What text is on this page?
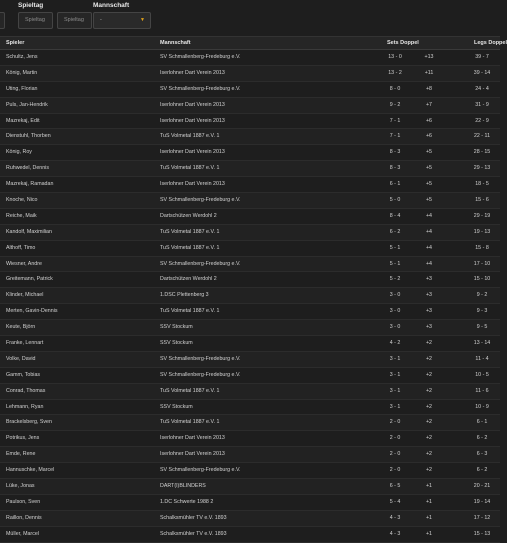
Spieltag
Spieltag	Spieltag
Mannschaft
-	▼
Spieler	Mannschaft	Sets Doppel	Legs Doppel
Schultz, Jens	SV Schmallenberg-Fredeburg e.V.	13 - 0	+13	39 - 7
König, Martin	Iserlohner Dart Verein 2013	13 - 2	+11	39 - 14
Uting, Florian	SV Schmallenberg-Fredeburg e.V.	8 - 0	+8	24 - 4
Puls, Jan-Hendrik	Iserlohner Dart Verein 2013	9 - 2	+7	31 - 9
Mazrekaj, Edit	Iserlohner Dart Verein 2013	7 - 1	+6	22 - 9
Dienstuhl, Thorben	TuS Volmetal 1887 e.V. 1	7 - 1	+6	22 - 11
König, Roy	Iserlohner Dart Verein 2013	8 - 3	+5	28 - 15
Ruhwedel, Dennis	TuS Volmetal 1887 e.V. 1	8 - 3	+5	29 - 13
Mazrekaj, Ramadan	Iserlohner Dart Verein 2013	6 - 1	+5	18 - 5
Knoche, Nico	SV Schmallenberg-Fredeburg e.V.	5 - 0	+5	15 - 6
Reiche, Maik	Dartschützen Werdohl 2	8 - 4	+4	29 - 19
Kandolf, Maximilian	TuS Volmetal 1887 e.V. 1	6 - 2	+4	19 - 13
Althoff, Timo	TuS Volmetal 1887 e.V. 1	5 - 1	+4	15 - 8
Wiesner, Andre	SV Schmallenberg-Fredeburg e.V.	5 - 1	+4	17 - 10
Greitemann, Patrick	Dartschützen Werdohl 2	5 - 2	+3	15 - 10
Klinder, Michael	1.DSC Plettenberg 3	3 - 0	+3	9 - 2
Merten, Gavin-Dennis	TuS Volmetal 1887 e.V. 1	3 - 0	+3	9 - 3
Keute, Björn	SSV Stockum	3 - 0	+3	9 - 5
Franke, Lennart	SSV Stockum	4 - 2	+2	13 - 14
Volke, David	SV Schmallenberg-Fredeburg e.V.	3 - 1	+2	11 - 4
Gamm, Tobias	SV Schmallenberg-Fredeburg e.V.	3 - 1	+2	10 - 5
Conrad, Thomas	TuS Volmetal 1887 e.V. 1	3 - 1	+2	11 - 6
Lehmann, Ryan	SSV Stockum	3 - 1	+2	10 - 9
Brackelsberg, Sven	TuS Volmetal 1887 e.V. 1	2 - 0	+2	6 - 1
Potrikus, Jens	Iserlohner Dart Verein 2013	2 - 0	+2	6 - 2
Emde, Rene	Iserlohner Dart Verein 2013	2 - 0	+2	6 - 3
Hannuschke, Marcel	SV Schmallenberg-Fredeburg e.V.	2 - 0	+2	6 - 2
Lüke, Jonas	DART(I)BLINDERS	6 - 5	+1	20 - 21
Paulson, Sven	1.DC Schwerte 1988 2	5 - 4	+1	19 - 14
Raillon, Dennis	Schalksmühler TV e.V. 1893	4 - 3	+1	17 - 12
Müller, Marcel	Schalksmühler TV e.V. 1893	4 - 3	+1	15 - 13
